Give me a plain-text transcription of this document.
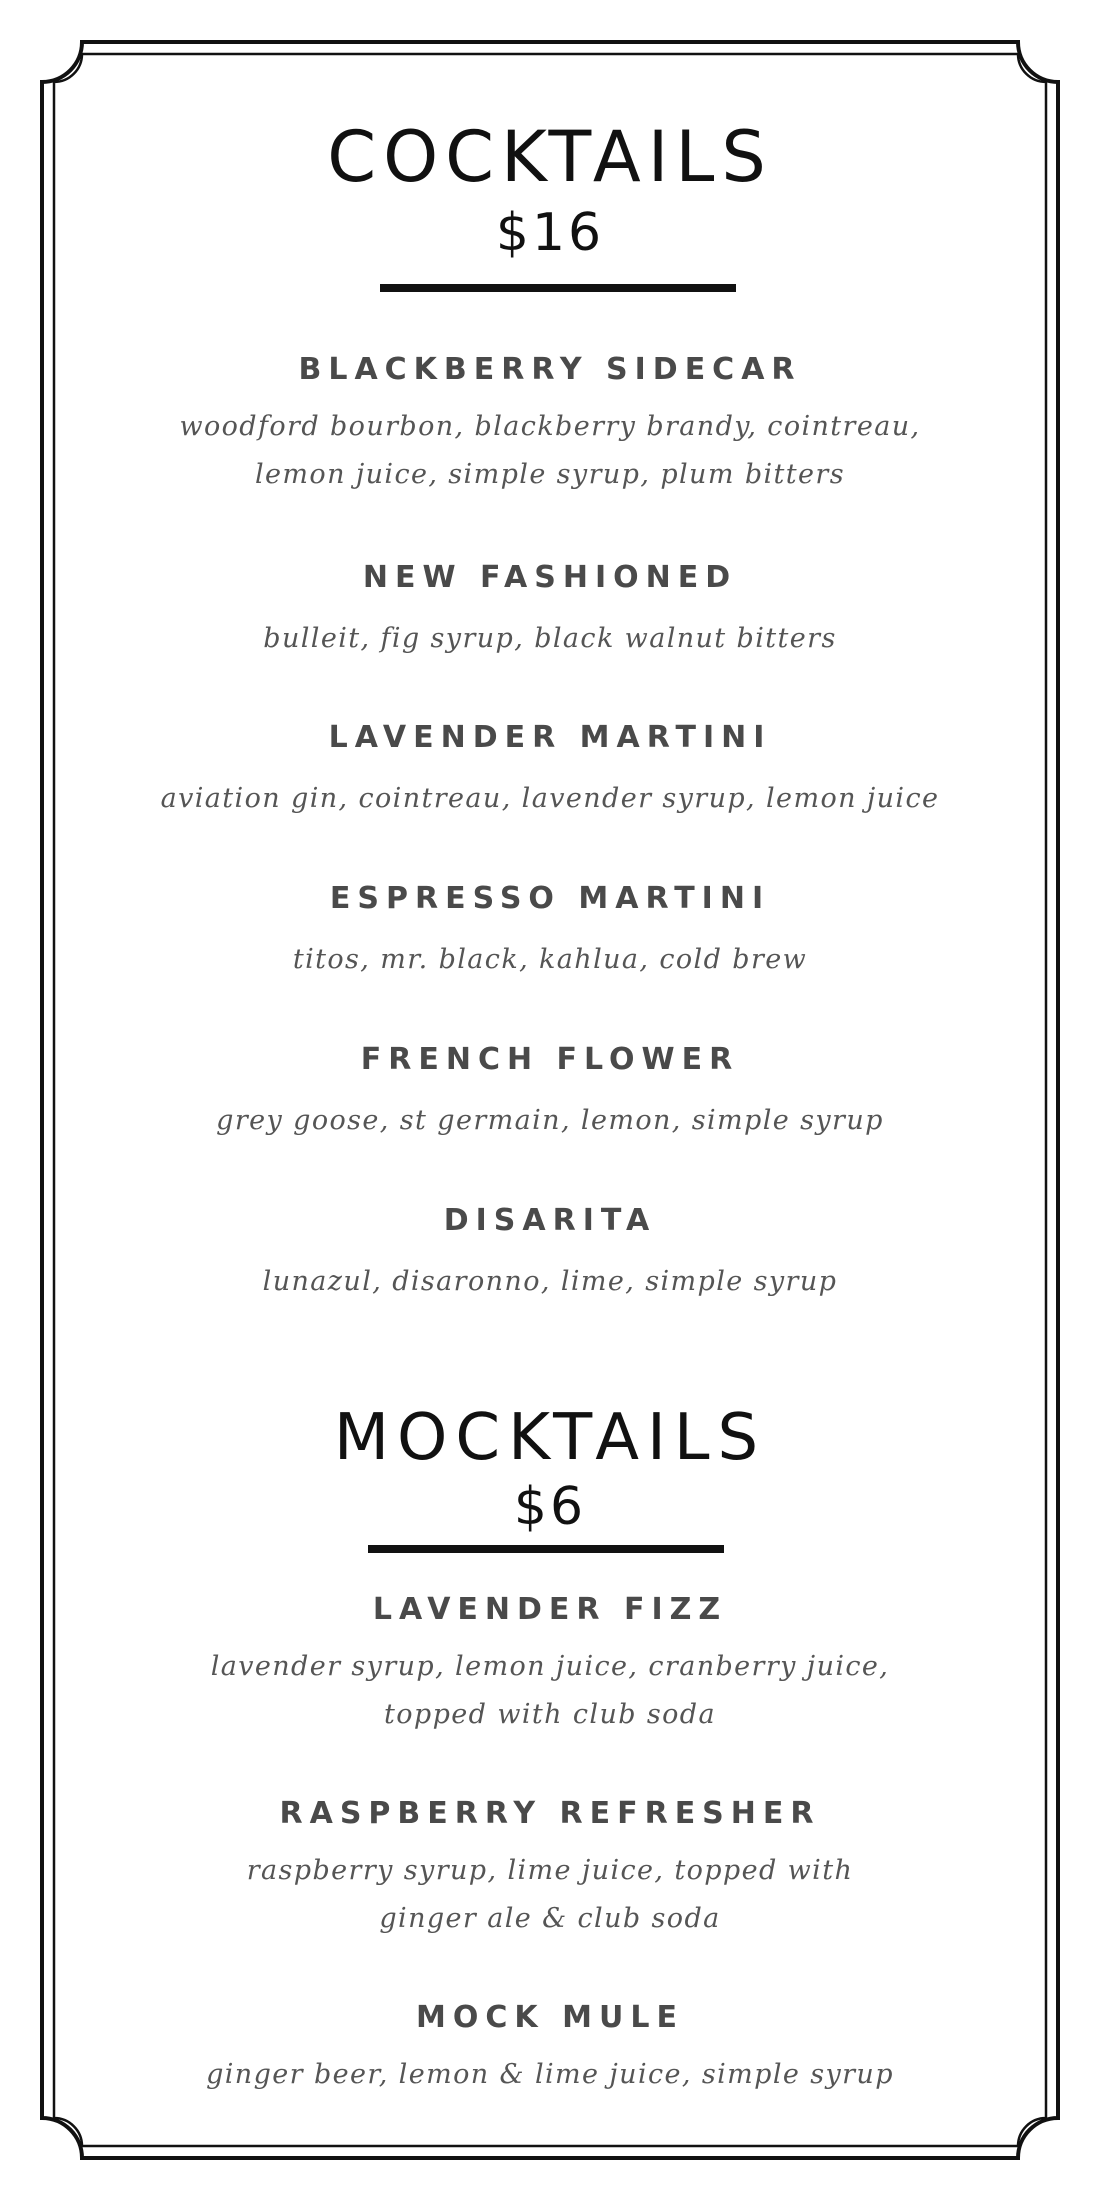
COCKTAILS
$16
BLACKBERRY SIDECAR
woodford bourbon, blackberry brandy, cointreau,
lemon juice, simple syrup, plum bitters
NEW FASHIONED
bulleit, fig syrup, black walnut bitters
LAVENDER MARTINI
aviation gin, cointreau, lavender syrup, lemon juice
ESPRESSO MARTINI
titos, mr. black, kahlua, cold brew
FRENCH FLOWER
grey goose, st germain, lemon, simple syrup
DISARITA
lunazul, disaronno, lime, simple syrup
MOCKTAILS
$6
LAVENDER FIZZ
lavender syrup, lemon juice, cranberry juice,
topped with club soda
RASPBERRY REFRESHER
raspberry syrup, lime juice, topped with
ginger ale & club soda
MOCK MULE
ginger beer, lemon & lime juice, simple syrup
